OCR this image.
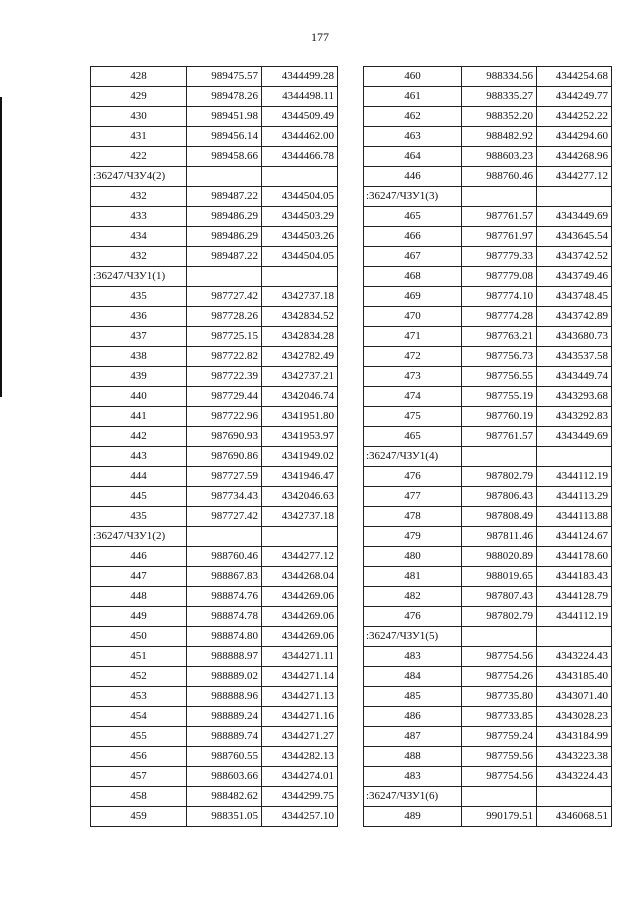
177
428	989475.57	4344499.28
429	989478.26	4344498.11
430	989451.98	4344509.49
431	989456.14	4344462.00
422	989458.66	4344466.78
:36247/ЧЗУ4(2)		
432	989487.22	4344504.05
433	989486.29	4344503.29
434	989486.29	4344503.26
432	989487.22	4344504.05
:36247/ЧЗУ1(1)		
435	987727.42	4342737.18
436	987728.26	4342834.52
437	987725.15	4342834.28
438	987722.82	4342782.49
439	987722.39	4342737.21
440	987729.44	4342046.74
441	987722.96	4341951.80
442	987690.93	4341953.97
443	987690.86	4341949.02
444	987727.59	4341946.47
445	987734.43	4342046.63
435	987727.42	4342737.18
:36247/ЧЗУ1(2)		
446	988760.46	4344277.12
447	988867.83	4344268.04
448	988874.76	4344269.06
449	988874.78	4344269.06
450	988874.80	4344269.06
451	988888.97	4344271.11
452	988889.02	4344271.14
453	988888.96	4344271.13
454	988889.24	4344271.16
455	988889.74	4344271.27
456	988760.55	4344282.13
457	988603.66	4344274.01
458	988482.62	4344299.75
459	988351.05	4344257.10
460	988334.56	4344254.68
461	988335.27	4344249.77
462	988352.20	4344252.22
463	988482.92	4344294.60
464	988603.23	4344268.96
446	988760.46	4344277.12
:36247/ЧЗУ1(3)		
465	987761.57	4343449.69
466	987761.97	4343645.54
467	987779.33	4343742.52
468	987779.08	4343749.46
469	987774.10	4343748.45
470	987774.28	4343742.89
471	987763.21	4343680.73
472	987756.73	4343537.58
473	987756.55	4343449.74
474	987755.19	4343293.68
475	987760.19	4343292.83
465	987761.57	4343449.69
:36247/ЧЗУ1(4)		
476	987802.79	4344112.19
477	987806.43	4344113.29
478	987808.49	4344113.88
479	987811.46	4344124.67
480	988020.89	4344178.60
481	988019.65	4344183.43
482	987807.43	4344128.79
476	987802.79	4344112.19
:36247/ЧЗУ1(5)		
483	987754.56	4343224.43
484	987754.26	4343185.40
485	987735.80	4343071.40
486	987733.85	4343028.23
487	987759.24	4343184.99
488	987759.56	4343223.38
483	987754.56	4343224.43
:36247/ЧЗУ1(6)		
489	990179.51	4346068.51
